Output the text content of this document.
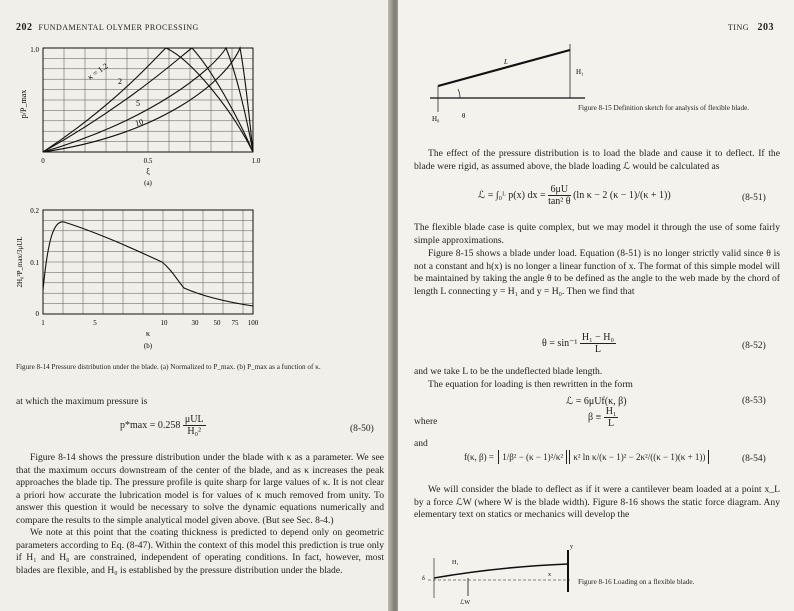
202 FUNDAMENTAL OLYMER PROCESSING
κ = 1.2 2
5
10
1.0
p/P_max
0	0.5	1.0
ξ
(a)
0.2
0.1
0
2H₀²P_max/3μUL
1	5	10	30 50 75 100
κ
(b)
Figure 8-14 Pressure distribution under the blade. (a) Normalized to P_max. (b) P_max as a function of κ.
at which the maximum pressure is
$p*\max = 0.258 \frac{\text{μUL}}{\text{H₀²}}$	(8-50)
Figure 8-14 shows the pressure distribution under the blade with κ as a parameter. We see that the maximum occurs downstream of the center of the blade, and as κ increases the peak approaches the blade tip. The pressure profile is quite sharp for large values of κ. It is not clear a priori how accurate the lubrication model is for values of κ much removed from unity. To answer this question it would be necessary to solve the dynamic equations numerically and compare the results to the simple analytical model given above. (But see Sec. 8-4.)
We note at this point that the coating thickness is predicted to depend only on geometric parameters according to Eq. (8-47). Within the context of this model this prediction is true only if H₁ and H₀ are constrained, independent of operating conditions. In fact, however, most blades are flexible, and H₀ is established by the pressure distribution under the blade.
TING 203
L
H₁
H₀	θ
Figure 8-15 Definition sketch for analysis of flexible blade.
The effect of the pressure distribution is to load the blade and cause it to deflect. If the blade were rigid, as assumed above, the blade loading ℒ would be calculated as
ℒ = ∫₀ᴸ p(x) dx = $\frac{6\mu U}{\text{tan² θ}} (\ln$ κ − 2 (κ − 1)/(κ + 1))	(8-51)
The flexible blade case is quite complex, but we may model it through the use of some fairly simple approximations.
Figure 8-15 shows a blade under load. Equation (8-51) is no longer strictly valid since θ is not a constant and h(x) is no longer a linear function of x. The format of this simple model will be maintained by taking the angle θ to be defined as the angle to the web made by the chord of length L connecting y = H₁ and y = H₀. Then we find that
$\theta = \sin^{-1} \frac{\text{H₁ − H₀}}{L}$	(8-52)
and we take L to be the undeflected blade length.
The equation for loading is then rewritten in the form
ℒ = 6μUf(κ, β)	(8-53)
where	$\beta \equiv \frac{\text{H₁}}{L}$
and
f(κ, β) = 1/β² − (κ − 1)²/κ² κ² ln κ/(κ − 1)² − 2κ²/((κ − 1)(κ + 1))	(8-54)
We will consider the blade to deflect as if it were a cantilever beam loaded at a point x_L by a force ℒW (where W is the blade width). Figure 8-16 shows the static force diagram. Any elementary text on statics or mechanics will develop the
H₁
δ
ℒW
x
y
Figure 8-16 Loading on a flexible blade.
